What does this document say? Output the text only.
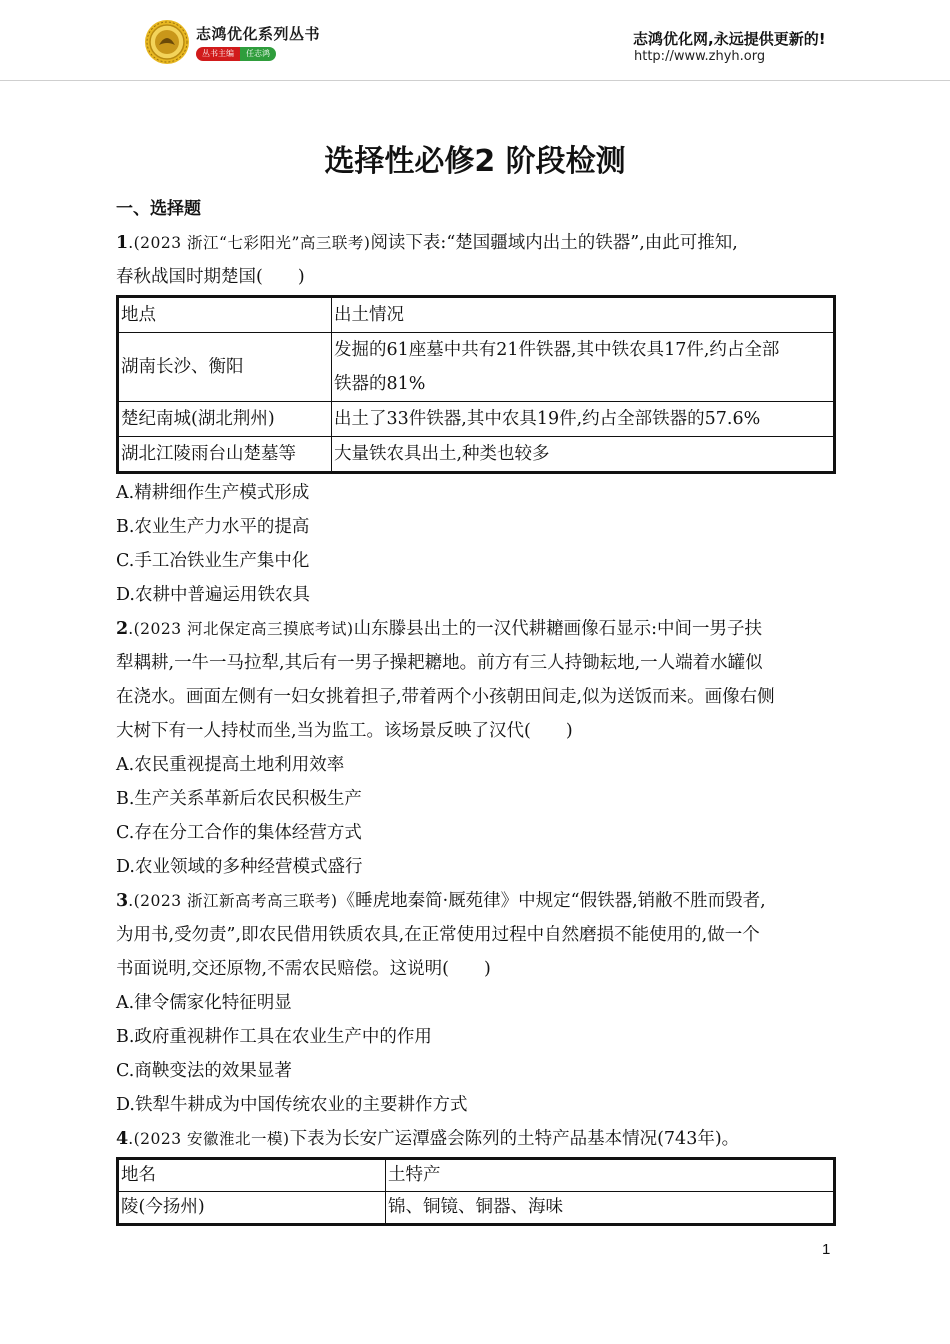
志鸿优化系列丛书
丛书主编	任志鸿
志鸿优化网,永远提供更新的!
http://www.zhyh.org
选择性必修2 阶段检测
一、选择题
1.(2023 浙江“七彩阳光”高三联考)阅读下表:“楚国疆域内出土的铁器”,由此可推知,
春秋战国时期楚国(　　)
地点	出土情况
湖南长沙、衡阳	发掘的61座墓中共有21件铁器,其中铁农具17件,约占全部
铁器的81%

楚纪南城(湖北荆州)	出土了33件铁器,其中农具19件,约占全部铁器的57.6%
湖北江陵雨台山楚墓等	大量铁农具出土,种类也较多
A.精耕细作生产模式形成
B.农业生产力水平的提高
C.手工冶铁业生产集中化
D.农耕中普遍运用铁农具
2.(2023 河北保定高三摸底考试)山东滕县出土的一汉代耕耱画像石显示:中间一男子扶
犁耦耕,一牛一马拉犁,其后有一男子操耙耱地。前方有三人持锄耘地,一人端着水罐似
在浇水。画面左侧有一妇女挑着担子,带着两个小孩朝田间走,似为送饭而来。画像右侧
大树下有一人持杖而坐,当为监工。该场景反映了汉代(　　)
A.农民重视提高土地利用效率
B.生产关系革新后农民积极生产
C.存在分工合作的集体经营方式
D.农业领域的多种经营模式盛行
3.(2023 浙江新高考高三联考)《睡虎地秦简·厩苑律》中规定“假铁器,销敝不胜而毁者,
为用书,受勿责”,即农民借用铁质农具,在正常使用过程中自然磨损不能使用的,做一个
书面说明,交还原物,不需农民赔偿。这说明(　　)
A.律令儒家化特征明显
B.政府重视耕作工具在农业生产中的作用
C.商鞅变法的效果显著
D.铁犁牛耕成为中国传统农业的主要耕作方式
4.(2023 安徽淮北一模)下表为长安广运潭盛会陈列的土特产品基本情况(743年)。
地名	土特产
陵(今扬州)	锦、铜镜、铜器、海味
1
